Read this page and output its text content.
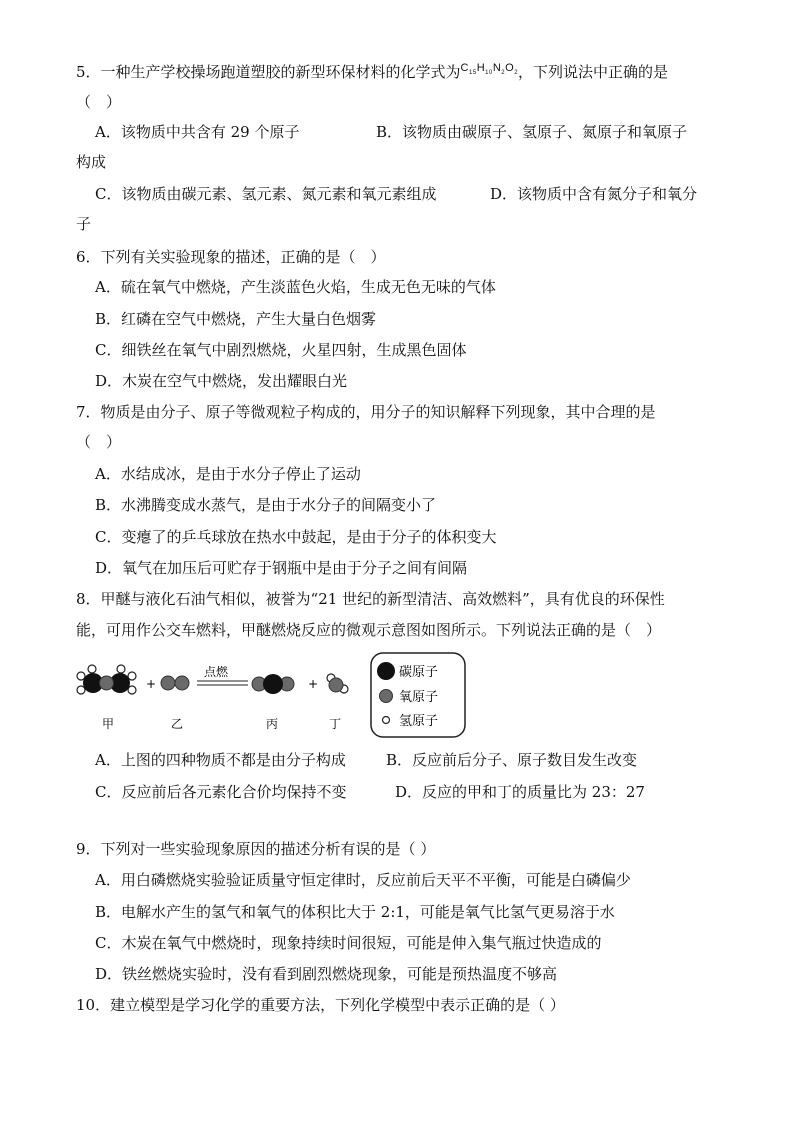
5．一种生产学校操场跑道塑胶的新型环保材料的化学式为$^{C_{15}H_{10}N_2O_2}$，下列说法中正确的是
（　）
A．该物质中共含有 29 个原子	B．该物质由碳原子、氢原子、氮原子和氧原子
构成
C．该物质由碳元素、氢元素、氮元素和氧元素组成	D．该物质中含有氮分子和氧分
子
6．下列有关实验现象的描述，正确的是（　）
A．硫在氧气中燃烧，产生淡蓝色火焰，生成无色无味的气体
B．红磷在空气中燃烧，产生大量白色烟雾
C．细铁丝在氧气中剧烈燃烧，火星四射，生成黑色固体
D．木炭在空气中燃烧，发出耀眼白光
7．物质是由分子、原子等微观粒子构成的，用分子的知识解释下列现象，其中合理的是
（　）
A．水结成冰，是由于水分子停止了运动
B．水沸腾变成水蒸气，是由于水分子的间隔变小了
C．变瘪了的乒乓球放在热水中鼓起，是由于分子的体积变大
D．氧气在加压后可贮存于钢瓶中是由于分子之间有间隔
8．甲醚与液化石油气相似，被誉为“21 世纪的新型清洁、高效燃料”，具有优良的环保性
能，可用作公交车燃料，甲醚燃烧反应的微观示意图如图所示。下列说法正确的是（　）
+
点燃
+
甲	乙	丙	丁
碳原子
氧原子
氢原子
A．上图的四种物质不都是由分子构成	B．反应前后分子、原子数目发生改变
C．反应前后各元素化合价均保持不变	D．反应的甲和丁的质量比为 23：27
9．下列对一些实验现象原因的描述分析有误的是（ ）
A．用白磷燃烧实验验证质量守恒定律时，反应前后天平不平衡，可能是白磷偏少
B．电解水产生的氢气和氧气的体积比大于 2:1，可能是氧气比氢气更易溶于水
C．木炭在氧气中燃烧时，现象持续时间很短，可能是伸入集气瓶过快造成的
D．铁丝燃烧实验时，没有看到剧烈燃烧现象，可能是预热温度不够高
10．建立模型是学习化学的重要方法，下列化学模型中表示正确的是（ ）
